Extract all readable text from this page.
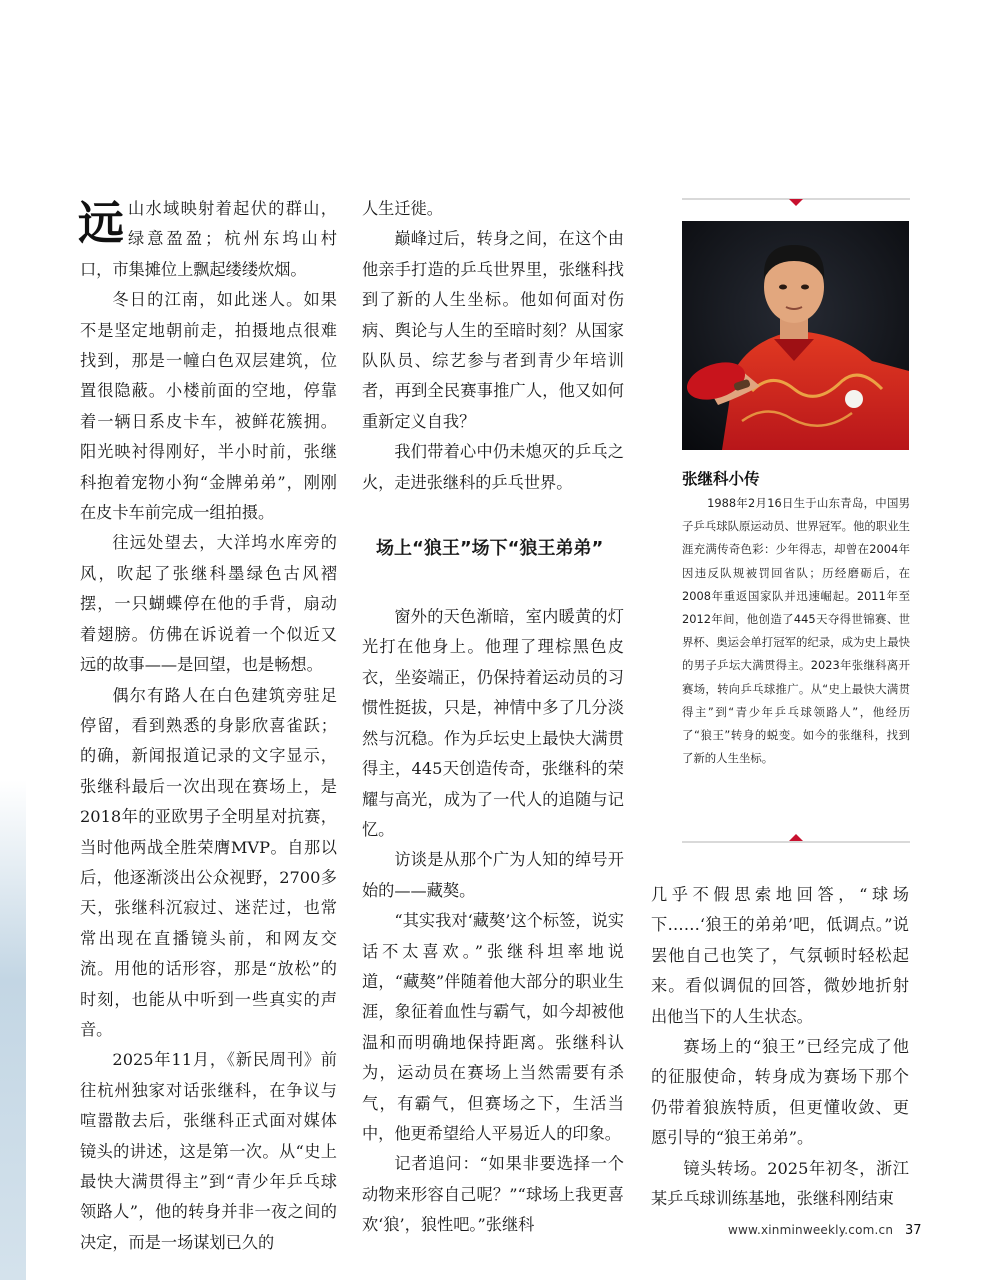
远 山水域映射着起伏的群山，绿意盈盈；杭州东坞山村口，市集摊位上飘起缕缕炊烟。

冬日的江南，如此迷人。如果不是坚定地朝前走，拍摄地点很难找到，那是一幢白色双层建筑，位置很隐蔽。小楼前面的空地，停靠着一辆日系皮卡车，被鲜花簇拥。阳光映衬得刚好，半小时前，张继科抱着宠物小狗“金牌弟弟”，刚刚在皮卡车前完成一组拍摄。

往远处望去，大洋坞水库旁的风，吹起了张继科墨绿色古风褶摆，一只蝴蝶停在他的手背，扇动着翅膀。仿佛在诉说着一个似近又远的故事——是回望，也是畅想。

偶尔有路人在白色建筑旁驻足停留，看到熟悉的身影欣喜雀跃；的确，新闻报道记录的文字显示，张继科最后一次出现在赛场上，是2018年的亚欧男子全明星对抗赛，当时他两战全胜荣膺MVP。自那以后，他逐渐淡出公众视野，2700多天，张继科沉寂过、迷茫过，也常常出现在直播镜头前，和网友交流。用他的话形容，那是“放松”的时刻，也能从中听到一些真实的声音。

2025年11月，《新民周刊》前往杭州独家对话张继科，在争议与喧嚣散去后，张继科正式面对媒体镜头的讲述，这是第一次。从“史上最快大满贯得主”到“青少年乒乓球领路人”，他的转身并非一夜之间的决定，而是一场谋划已久的

人生迁徙。

巅峰过后，转身之间，在这个由他亲手打造的乒乓世界里，张继科找到了新的人生坐标。他如何面对伤病、舆论与人生的至暗时刻？从国家队队员、综艺参与者到青少年培训者，再到全民赛事推广人，他又如何重新定义自我？

我们带着心中仍未熄灭的乒乓之火，走进张继科的乒乓世界。

场上“狼王”场下“狼王弟弟”

窗外的天色渐暗，室内暖黄的灯光打在他身上。他理了理棕黑色皮衣，坐姿端正，仍保持着运动员的习惯性挺拔，只是，神情中多了几分淡然与沉稳。作为乒坛史上最快大满贯得主，445天创造传奇，张继科的荣耀与高光，成为了一代人的追随与记忆。

访谈是从那个广为人知的绰号开始的——藏獒。

“其实我对‘藏獒’这个标签，说实话不太喜欢。”张继科坦率地说道，“藏獒”伴随着他大部分的职业生涯，象征着血性与霸气，如今却被他温和而明确地保持距离。张继科认为，运动员在赛场上当然需要有杀气，有霸气，但赛场之下，生活当中，他更希望给人平易近人的印象。

记者追问：“如果非要选择一个动物来形容自己呢？”“球场上我更喜欢‘狼’，狼性吧。”张继科

几乎不假思索地回答，“球场下……‘狼王的弟弟’吧，低调点。”说罢他自己也笑了，气氛顿时轻松起来。看似调侃的回答，微妙地折射出他当下的人生状态。

赛场上的“狼王”已经完成了他的征服使命，转身成为赛场下那个仍带着狼族特质，但更懂收敛、更愿引导的“狼王弟弟”。

镜头转场。2025年初冬，浙江某乒乓球训练基地，张继科刚结束

张继科小传

1988年2月16日生于山东青岛，中国男子乒乓球队原运动员、世界冠军。他的职业生涯充满传奇色彩：少年得志，却曾在2004年因违反队规被罚回省队；历经磨砺后，在2008年重返国家队并迅速崛起。2011年至2012年间，他创造了445天夺得世锦赛、世界杯、奥运会单打冠军的纪录，成为史上最快的男子乒坛大满贯得主。2023年张继科离开赛场，转向乒乓球推广。从“史上最快大满贯得主”到“青少年乒乓球领路人”，他经历了“狼王”转身的蜕变。如今的张继科，找到了新的人生坐标。

www.xinminweekly.com.cn 37
